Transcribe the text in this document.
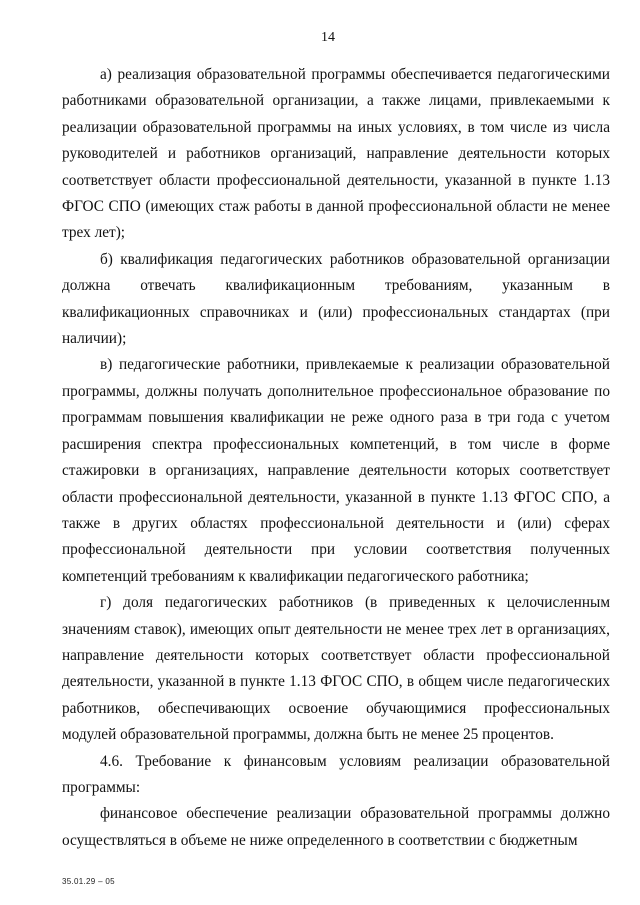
14

а) реализация образовательной программы обеспечивается педагогическими работниками образовательной организации, а также лицами, привлекаемыми к реализации образовательной программы на иных условиях, в том числе из числа руководителей и работников организаций, направление деятельности которых соответствует области профессиональной деятельности, указанной в пункте 1.13 ФГОС СПО (имеющих стаж работы в данной профессиональной области не менее трех лет);

б) квалификация педагогических работников образовательной организации должна отвечать квалификационным требованиям, указанным в квалификационных справочниках и (или) профессиональных стандартах (при наличии);

в) педагогические работники, привлекаемые к реализации образовательной программы, должны получать дополнительное профессиональное образование по программам повышения квалификации не реже одного раза в три года с учетом расширения спектра профессиональных компетенций, в том числе в форме стажировки в организациях, направление деятельности которых соответствует области профессиональной деятельности, указанной в пункте 1.13 ФГОС СПО, а также в других областях профессиональной деятельности и (или) сферах профессиональной деятельности при условии соответствия полученных компетенций требованиям к квалификации педагогического работника;

г) доля педагогических работников (в приведенных к целочисленным значениям ставок), имеющих опыт деятельности не менее трех лет в организациях, направление деятельности которых соответствует области профессиональной деятельности, указанной в пункте 1.13 ФГОС СПО, в общем числе педагогических работников, обеспечивающих освоение обучающимися профессиональных модулей образовательной программы, должна быть не менее 25 процентов.

4.6. Требование к финансовым условиям реализации образовательной программы:

финансовое обеспечение реализации образовательной программы должно осуществляться в объеме не ниже определенного в соответствии с бюджетным

35.01.29 – 05
